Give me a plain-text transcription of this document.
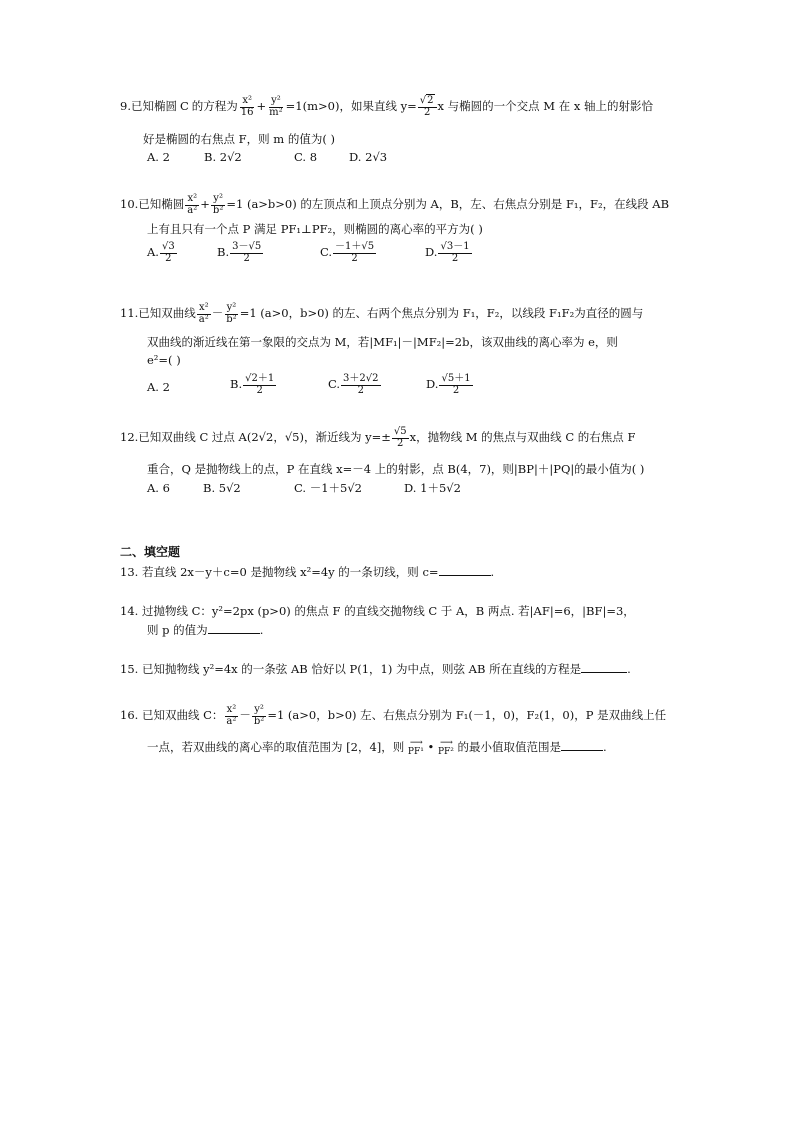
9.已知椭圆 C 的方程为 $\frac{\text{x²}}{16} + \frac{\text{y²}}{\text{m²}} =1(m>0)$，如果直线 $y= \frac{√2}{2}$ x 与椭圆的一个交点 M 在 x 轴上的射影恰
好是椭圆的右焦点 F，则 m 的值为( )
A. 2	B. 2√2	C. 8	D. 2√3
10.已知椭圆 $\frac{\text{x²}}{\text{a²}} + \frac{\text{y²}}{\text{b²}} =1$ (a>b>0) 的左顶点和上顶点分别为 A，B，左、右焦点分别是 F₁，F₂，在线段 AB
上有且只有一个点 P 满足 PF₁⊥PF₂，则椭圆的离心率的平方为( )
A. $\frac{√3}{2}$	B. $\frac{3-√5}{2}$	C. $\frac{-1+√5}{2}$	D. $\frac{√3-1}{2}$
11.已知双曲线 $\frac{\text{x²}}{\text{a²}} - \frac{\text{y²}}{\text{b²}} =1$ (a>0，b>0) 的左、右两个焦点分别为 F₁，F₂，以线段 F₁F₂为直径的圆与
双曲线的渐近线在第一象限的交点为 M，若|MF₁|－|MF₂|=2b，该双曲线的离心率为 e，则
e²=( )
A. 2	B. $\frac{√2+1}{2}$	C. $\frac{3+2√2}{2}$	D. $\frac{√5+1}{2}$
12.已知双曲线 C 过点 A(2√2，√5)，渐近线为 $y=\pm \frac{√5}{2}$ x，抛物线 M 的焦点与双曲线 C 的右焦点 F
重合，Q 是抛物线上的点，P 在直线 x=－4 上的射影，点 B(4，7)，则|BP|＋|PQ|的最小值为( )
A. 6	B. 5√2	C. －1＋5√2	D. 1＋5√2
二、填空题
13. 若直线 2x－y＋c=0 是抛物线 x²=4y 的一条切线，则 c=	.
14. 过抛物线 C：y²=2px (p>0) 的焦点 F 的直线交抛物线 C 于 A，B 两点. 若|AF|=6，|BF|=3，
则 p 的值为	.
15. 已知抛物线 y²=4x 的一条弦 AB 恰好以 P(1，1) 为中点，则弦 AB 所在直线的方程是	.
16. 已知双曲线 C： $\frac{\text{x²}}{\text{a²}} - \frac{\text{y²}}{\text{b²}} =1$ (a>0，b>0) 左、右焦点分别为 F₁(－1，0)，F₂(1，0)，P 是双曲线上任
一点，若双曲线的离心率的取值范围为 [2，4]，则 ⟶
PF¹ • ⟶
PF² 的最小值取值范围是	.
